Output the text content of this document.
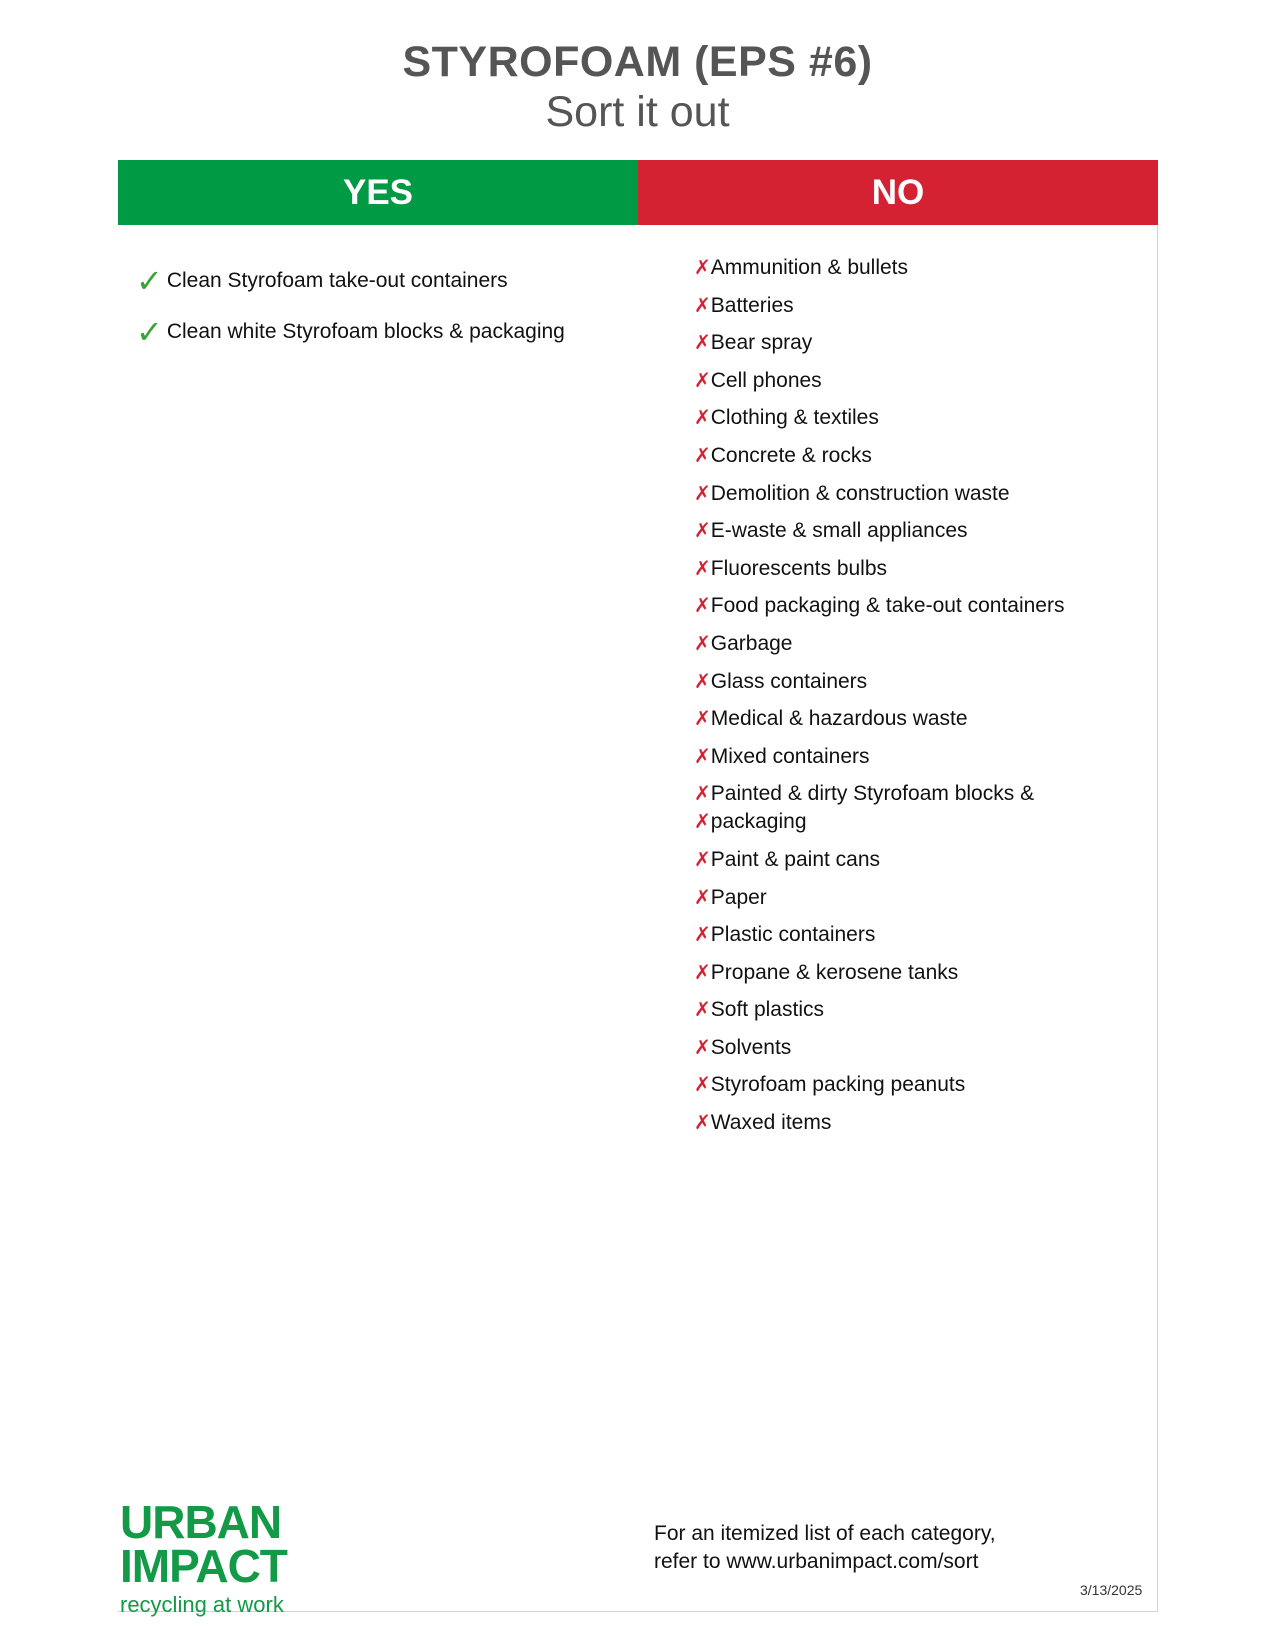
STYROFOAM (EPS #6)
Sort it out
YES	NO
✓ Clean Styrofoam take-out containers
✓ Clean white Styrofoam blocks & packaging
✗Ammunition & bullets
✗Batteries
✗Bear spray
✗Cell phones
✗Clothing & textiles
✗Concrete & rocks
✗Demolition & construction waste
✗E-waste & small appliances
✗Fluorescents bulbs
✗Food packaging & take-out containers
✗Garbage
✗Glass containers
✗Medical & hazardous waste
✗Mixed containers
✗Painted & dirty Styrofoam blocks &
✗packaging
✗Paint & paint cans
✗Paper
✗Plastic containers
✗Propane & kerosene tanks
✗Soft plastics
✗Solvents
✗Styrofoam packing peanuts
✗Waxed items
URBAN
IMPACT
recycling at work
For an itemized list of each category,
refer to www.urbanimpact.com/sort
3/13/2025
